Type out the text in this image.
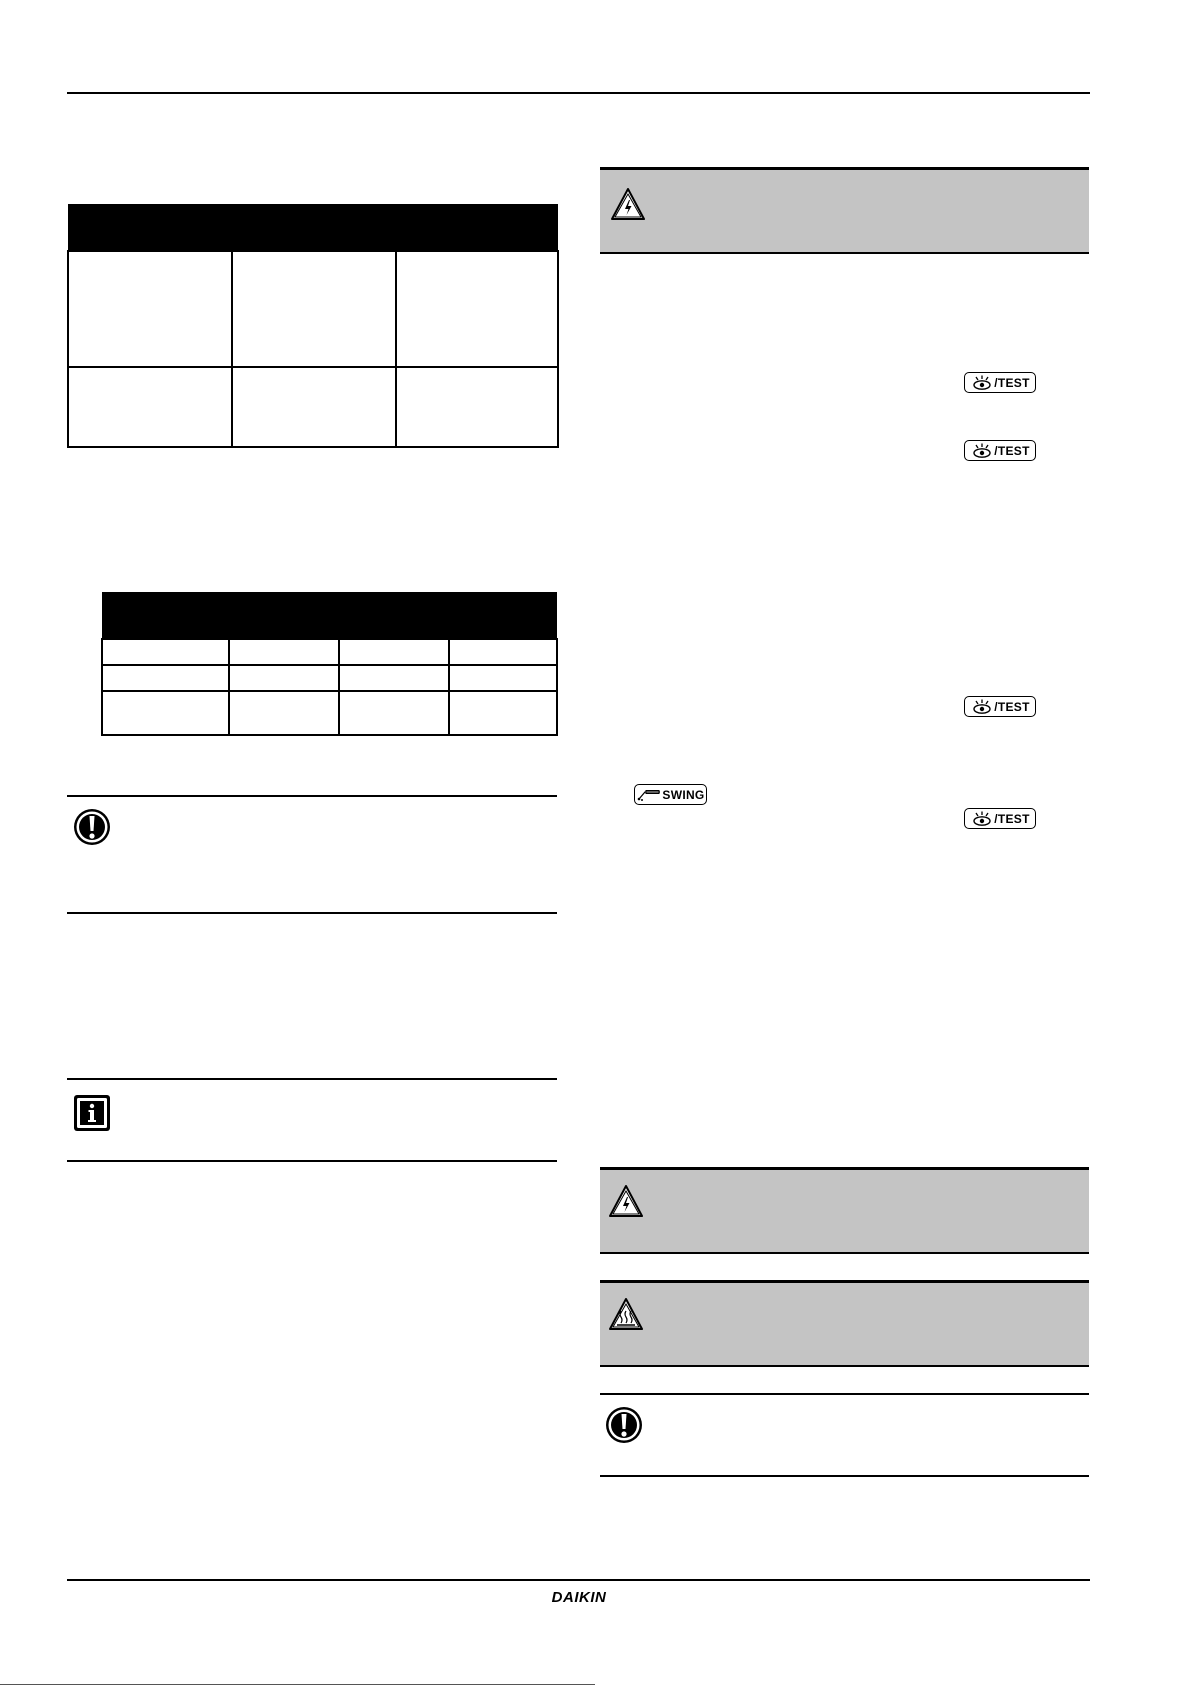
/TEST
/TEST
/TEST
SWING
/TEST
DAIKIN
